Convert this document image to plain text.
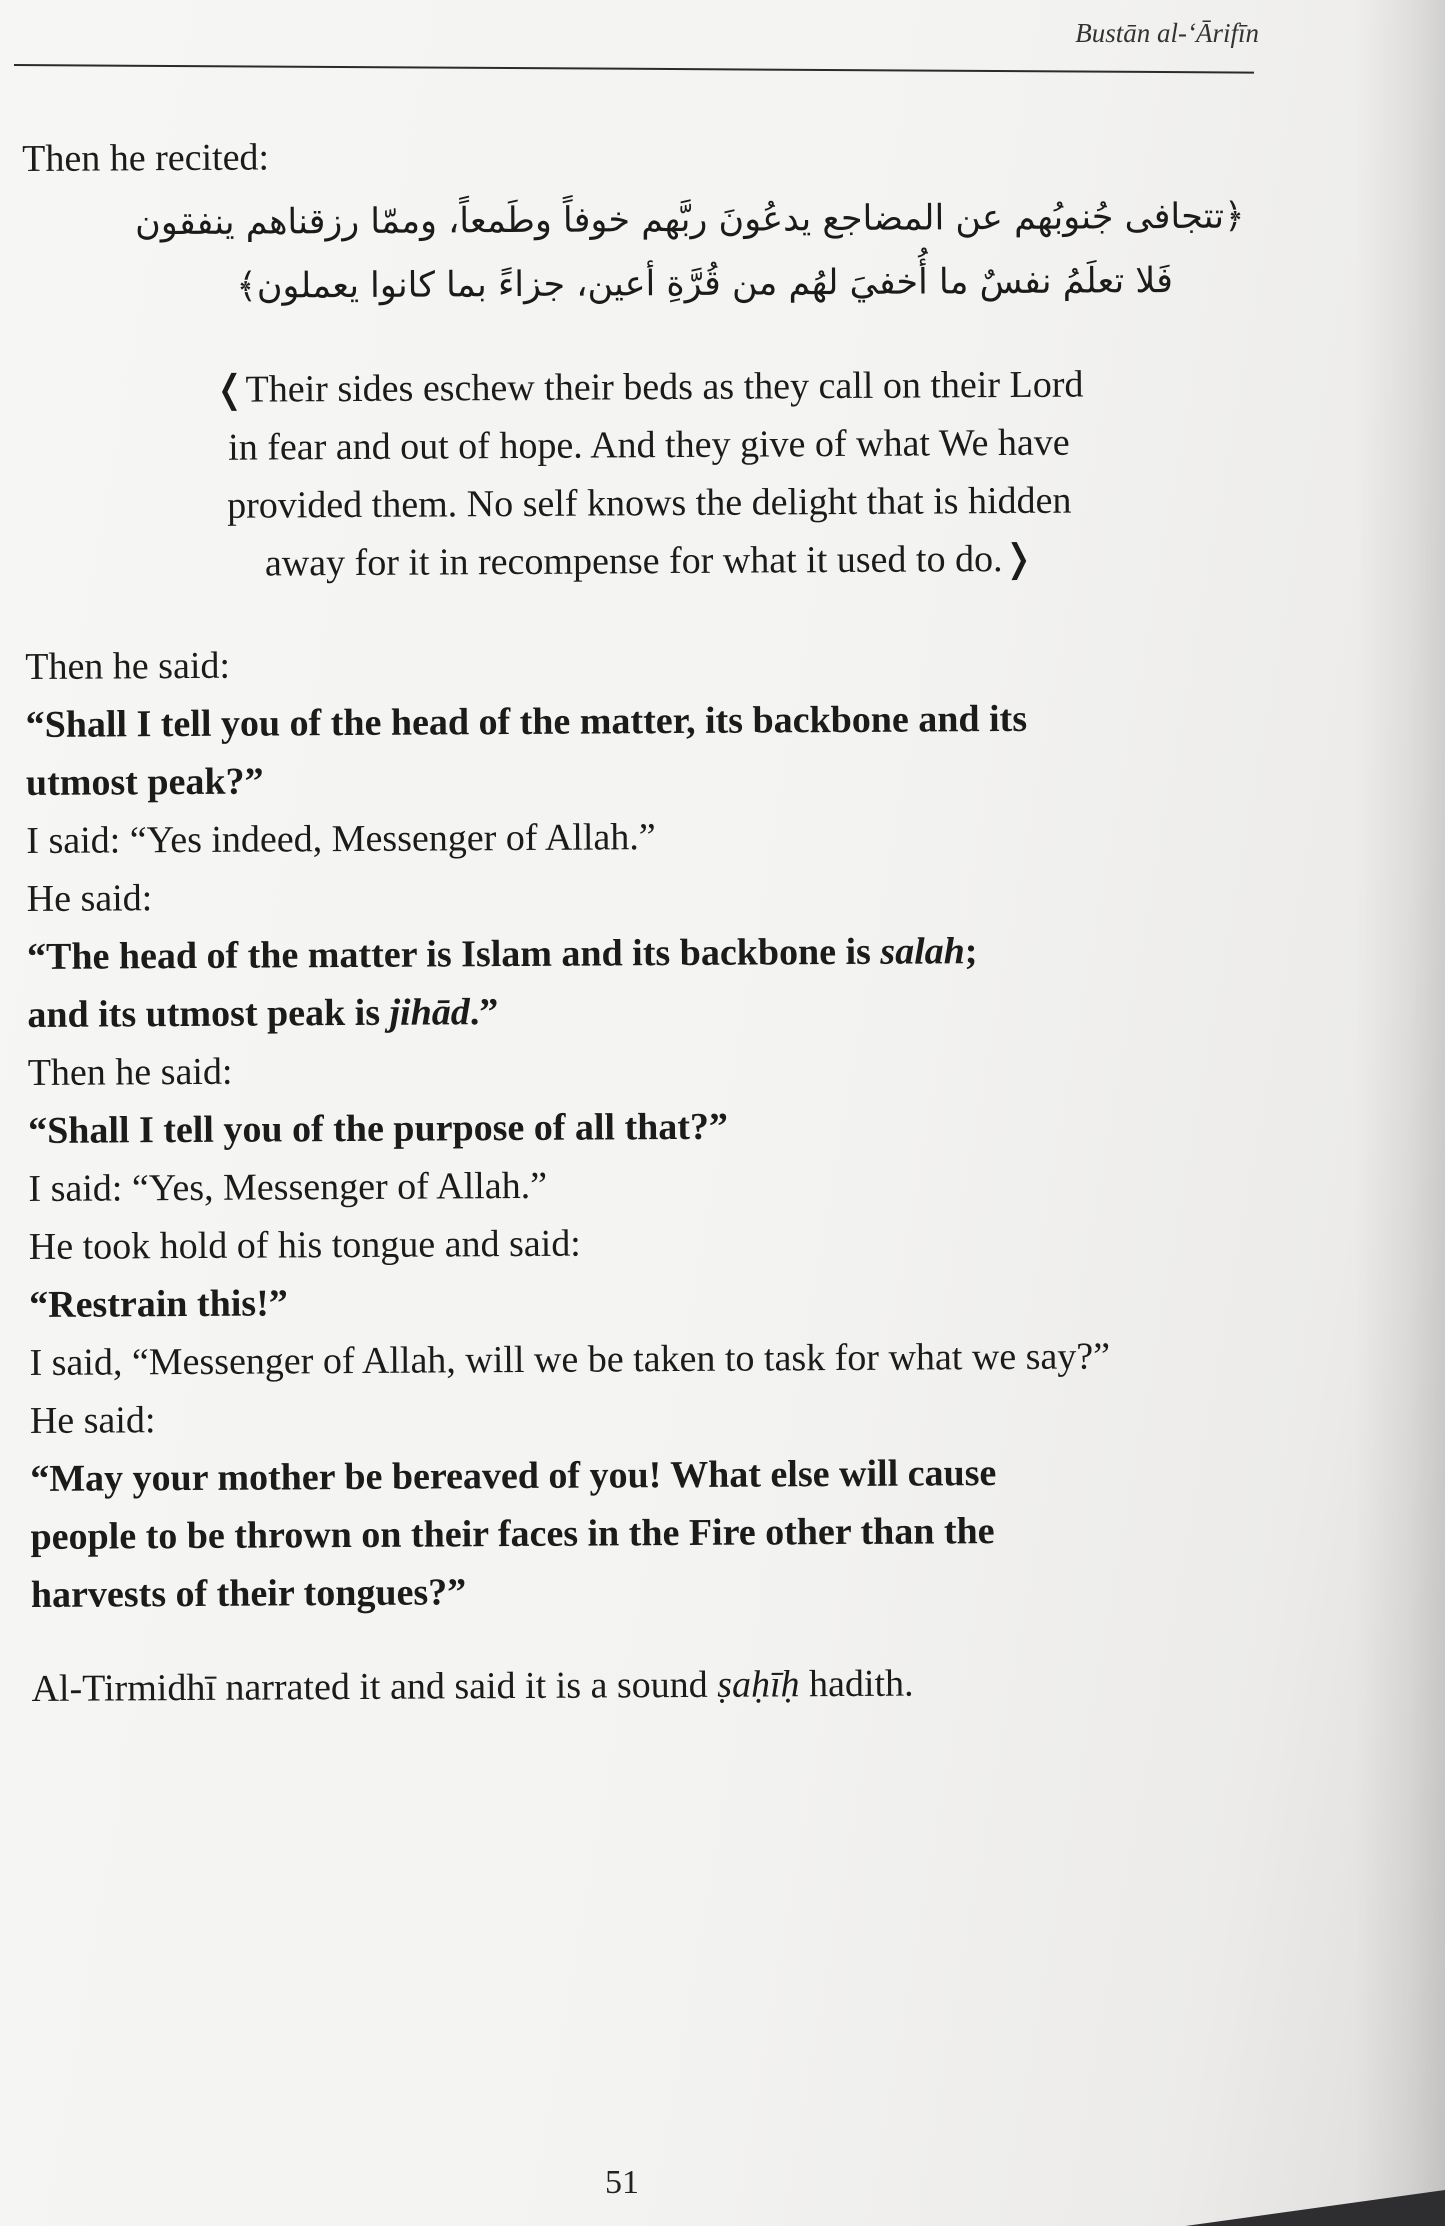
Bustān al-‘Ārifīn
Then he recited:
﴿تتجافى جُنوبُهم عن المضاجع يدعُونَ ربَّهم خوفاً وطَمعاً، وممّا رزقناهم ينفقون
فَلا تعلَمُ نفسٌ ما أُخفيَ لهُم من قُرَّةِ أعين، جزاءً بما كانوا يعملون﴾
❬Their sides eschew their beds as they call on their Lord
in fear and out of hope. And they give of what We have
provided them. No self knows the delight that is hidden
away for it in recompense for what it used to do.❭
Then he said:
“Shall I tell you of the head of the matter, its backbone and its
utmost peak?”
I said: “Yes indeed, Messenger of Allah.”
He said:
“The head of the matter is Islam and its backbone is salah;
and its utmost peak is jihād.”
Then he said:
“Shall I tell you of the purpose of all that?”
I said: “Yes, Messenger of Allah.”
He took hold of his tongue and said:
“Restrain this!”
I said, “Messenger of Allah, will we be taken to task for what we say?”
He said:
“May your mother be bereaved of you! What else will cause
people to be thrown on their faces in the Fire other than the
harvests of their tongues?”
Al-Tirmidhī narrated it and said it is a sound ṣaḥīḥ hadith.
51
